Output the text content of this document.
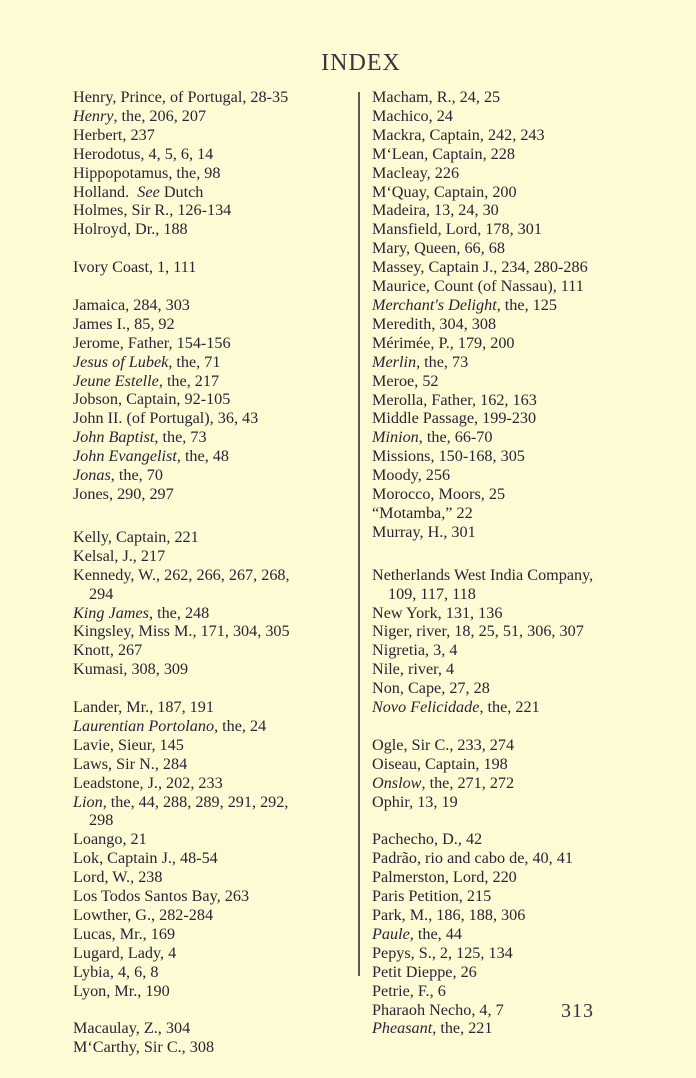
INDEX
Henry, Prince, of Portugal, 28-35
Henry, the, 206, 207
Herbert, 237
Herodotus, 4, 5, 6, 14
Hippopotamus, the, 98
Holland.  See Dutch
Holmes, Sir R., 126-134
Holroyd, Dr., 188
Ivory Coast, 1, 111
Jamaica, 284, 303
James I., 85, 92
Jerome, Father, 154-156
Jesus of Lubek, the, 71
Jeune Estelle, the, 217
Jobson, Captain, 92-105
John II. (of Portugal), 36, 43
John Baptist, the, 73
John Evangelist, the, 48
Jonas, the, 70
Jones, 290, 297
Kelly, Captain, 221
Kelsal, J., 217
Kennedy, W., 262, 266, 267, 268,
294
King James, the, 248
Kingsley, Miss M., 171, 304, 305
Knott, 267
Kumasi, 308, 309
Lander, Mr., 187, 191
Laurentian Portolano, the, 24
Lavie, Sieur, 145
Laws, Sir N., 284
Leadstone, J., 202, 233
Lion, the, 44, 288, 289, 291, 292,
298
Loango, 21
Lok, Captain J., 48-54
Lord, W., 238
Los Todos Santos Bay, 263
Lowther, G., 282-284
Lucas, Mr., 169
Lugard, Lady, 4
Lybia, 4, 6, 8
Lyon, Mr., 190
Macaulay, Z., 304
M‘Carthy, Sir C., 308
Macham, R., 24, 25
Machico, 24
Mackra, Captain, 242, 243
M‘Lean, Captain, 228
Macleay, 226
M‘Quay, Captain, 200
Madeira, 13, 24, 30
Mansfield, Lord, 178, 301
Mary, Queen, 66, 68
Massey, Captain J., 234, 280-286
Maurice, Count (of Nassau), 111
Merchant's Delight, the, 125
Meredith, 304, 308
Mérimée, P., 179, 200
Merlin, the, 73
Meroe, 52
Merolla, Father, 162, 163
Middle Passage, 199-230
Minion, the, 66-70
Missions, 150-168, 305
Moody, 256
Morocco, Moors, 25
“Motamba,” 22
Murray, H., 301
Netherlands West India Company,
109, 117, 118
New York, 131, 136
Niger, river, 18, 25, 51, 306, 307
Nigretia, 3, 4
Nile, river, 4
Non, Cape, 27, 28
Novo Felicidade, the, 221
Ogle, Sir C., 233, 274
Oiseau, Captain, 198
Onslow, the, 271, 272
Ophir, 13, 19
Pachecho, D., 42
Padrão, rio and cabo de, 40, 41
Palmerston, Lord, 220
Paris Petition, 215
Park, M., 186, 188, 306
Paule, the, 44
Pepys, S., 2, 125, 134
Petit Dieppe, 26
Petrie, F., 6
Pharaoh Necho, 4, 7
Pheasant, the, 221
313
